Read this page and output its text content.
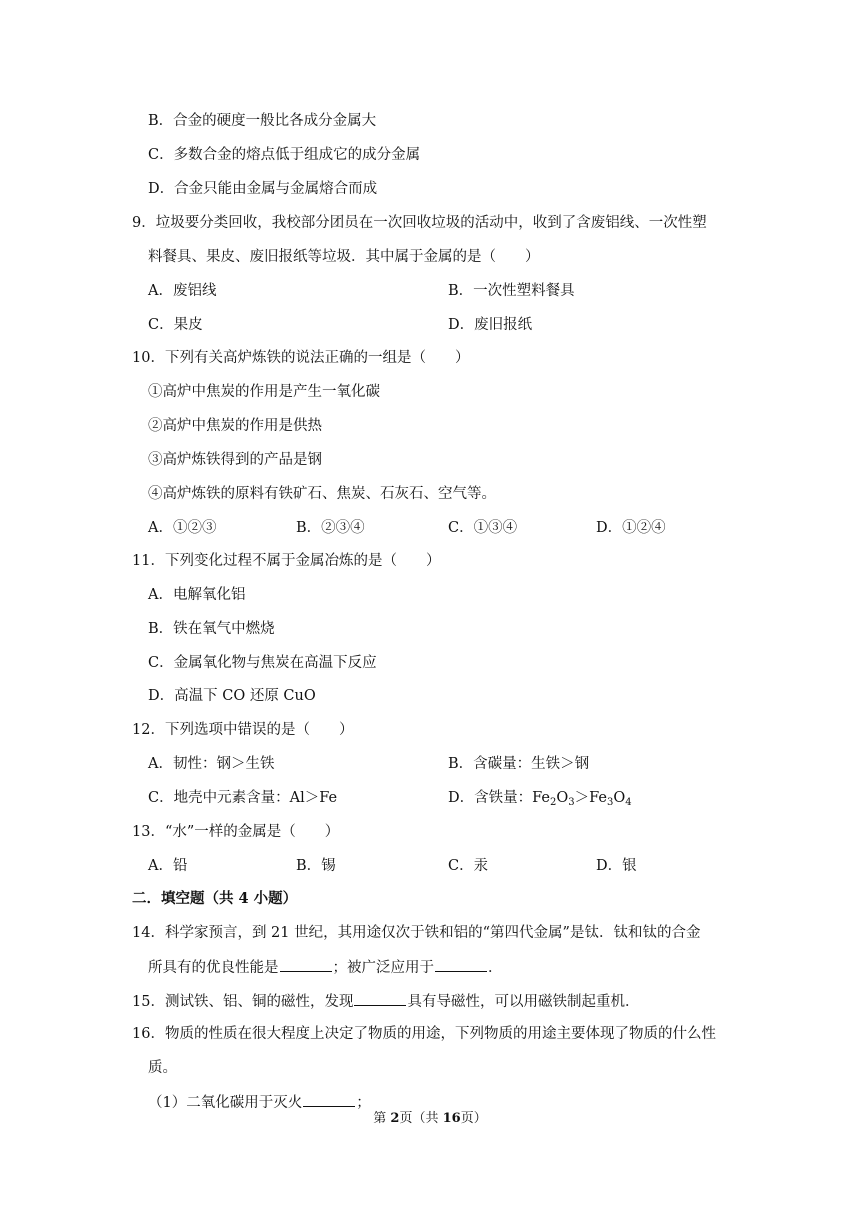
B．合金的硬度一般比各成分金属大
C．多数合金的熔点低于组成它的成分金属
D．合金只能由金属与金属熔合而成
9．垃圾要分类回收，我校部分团员在一次回收垃圾的活动中，收到了含废铝线、一次性塑
料餐具、果皮、废旧报纸等垃圾．其中属于金属的是（　　）
A．废铝线	B．一次性塑料餐具
C．果皮	D．废旧报纸
10．下列有关高炉炼铁的说法正确的一组是（　　）
①高炉中焦炭的作用是产生一氧化碳
②高炉中焦炭的作用是供热
③高炉炼铁得到的产品是钢
④高炉炼铁的原料有铁矿石、焦炭、石灰石、空气等。
A．①②③	B．②③④	C．①③④	D．①②④
11．下列变化过程不属于金属冶炼的是（　　）
A．电解氧化铝
B．铁在氧气中燃烧
C．金属氧化物与焦炭在高温下反应
D．高温下 CO 还原 CuO
12．下列选项中错误的是（　　）
A．韧性：钢＞生铁	B．含碳量：生铁＞钢
C．地壳中元素含量：Al＞Fe	D．含铁量：$Fe_2O_3>Fe_3O_4$
13．“水”一样的金属是（　　）
A．铅	B．锡	C．汞	D．银
二．填空题（共 4 小题）
14．科学家预言，到 21 世纪，其用途仅次于铁和铝的“第四代金属”是钛．钛和钛的合金
所具有的优良性能是	；被广泛应用于	．
15．测试铁、铝、铜的磁性，发现	具有导磁性，可以用磁铁制起重机．
16．物质的性质在很大程度上决定了物质的用途，下列物质的用途主要体现了物质的什么性
质。
（1）二氧化碳用于灭火	；
第 2页（共 16页）
